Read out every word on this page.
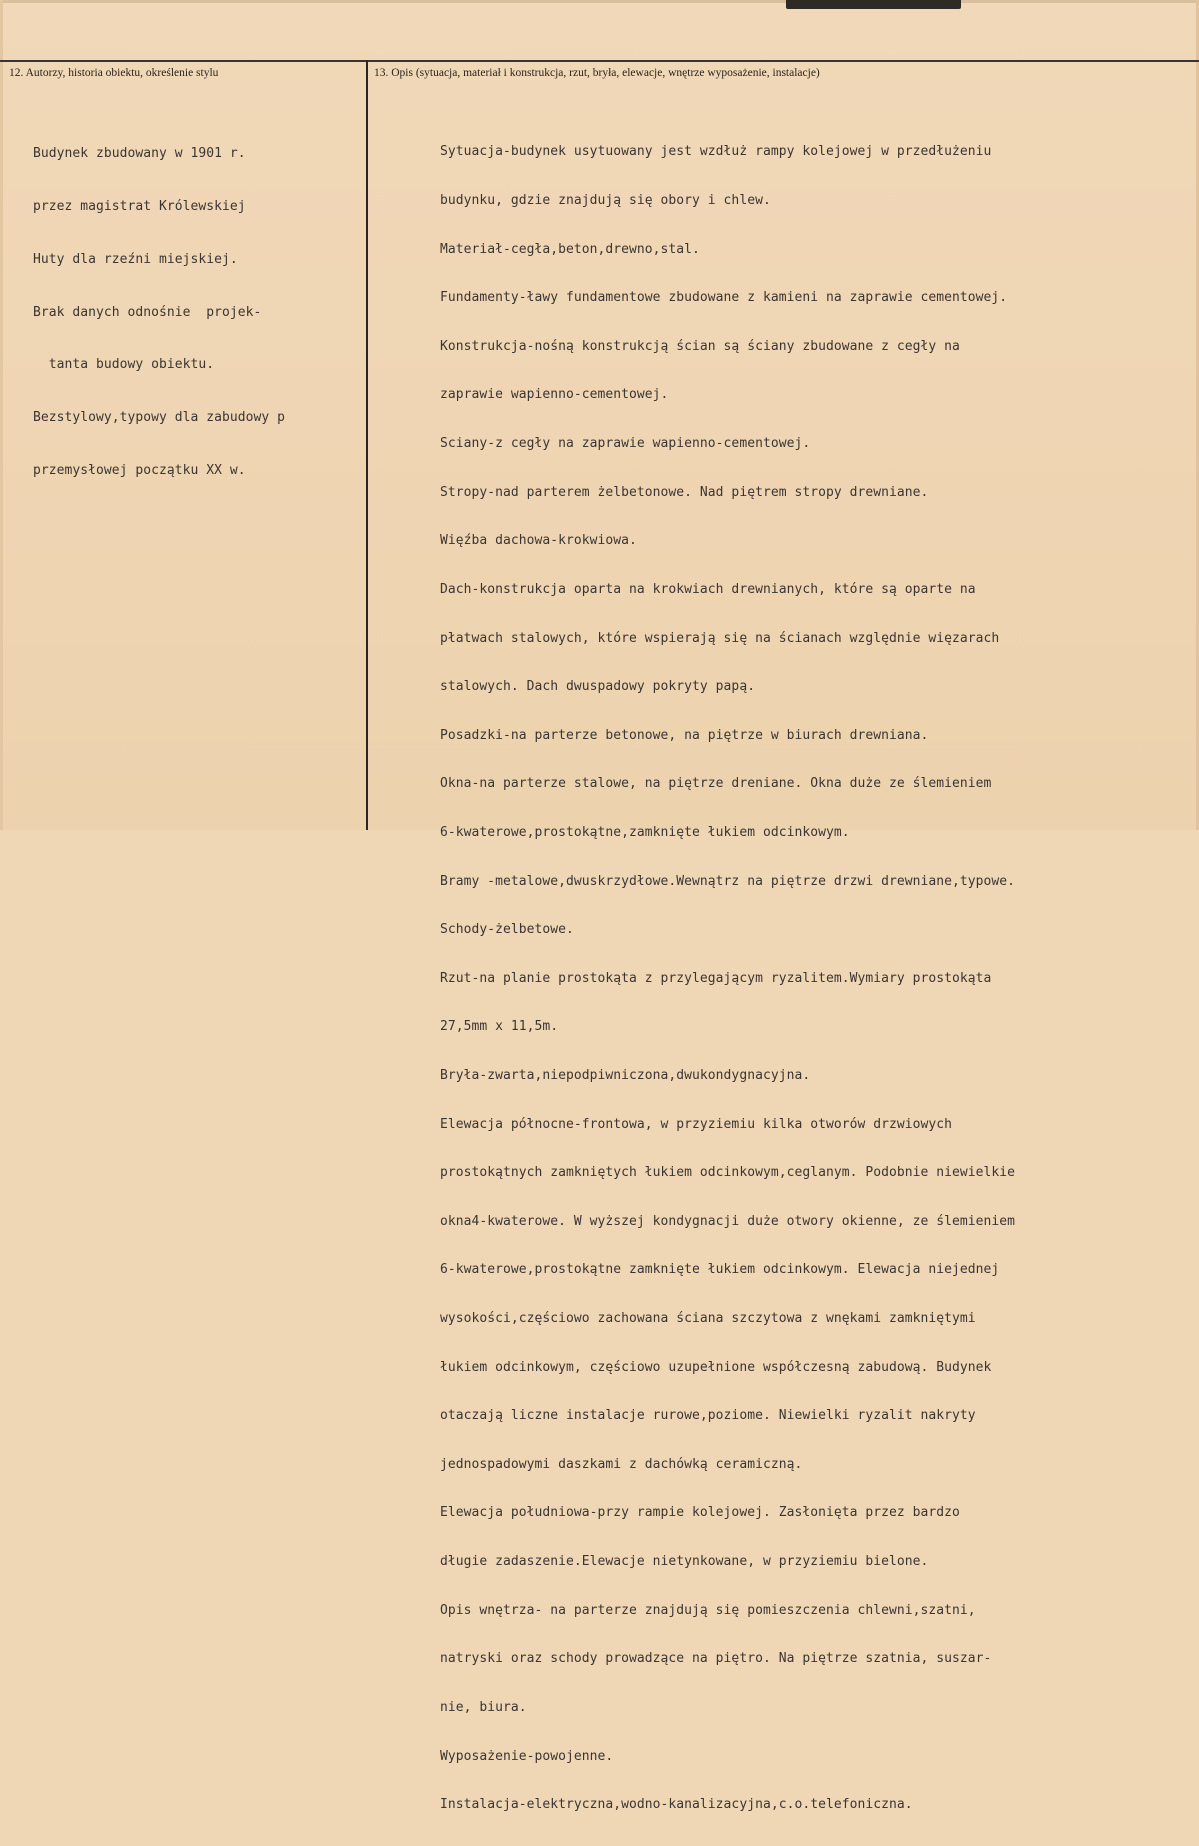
12. Autorzy, historia obiektu, określenie stylu	13. Opis (sytuacja, materiał i konstrukcja, rzut, bryła, elewacje, wnętrze wyposażenie, instalacje)

Budynek zbudowany w 1901 r.

przez magistrat Królewskiej

Huty dla rzeźni miejskiej.

Brak danych odnośnie  projek-

tanta budowy obiektu.

Bezstylowy,typowy dla zabudowy p

przemysłowej początku XX w.

Sytuacja-budynek usytuowany jest wzdłuż rampy kolejowej w przedłużeniu

budynku, gdzie znajdują się obory i chlew.

Materiał-cegła,beton,drewno,stal.

Fundamenty-ławy fundamentowe zbudowane z kamieni na zaprawie cementowej.

Konstrukcja-nośną konstrukcją ścian są ściany zbudowane z cegły na

zaprawie wapienno-cementowej.

Sciany-z cegły na zaprawie wapienno-cementowej.

Stropy-nad parterem żelbetonowe. Nad piętrem stropy drewniane.

Więźba dachowa-krokwiowa.

Dach-konstrukcja oparta na krokwiach drewnianych, które są oparte na

płatwach stalowych, które wspierają się na ścianach względnie więzarach

stalowych. Dach dwuspadowy pokryty papą.

Posadzki-na parterze betonowe, na piętrze w biurach drewniana.

Okna-na parterze stalowe, na piętrze dreniane. Okna duże ze ślemieniem

6-kwaterowe,prostokątne,zamknięte łukiem odcinkowym.

Bramy -metalowe,dwuskrzydłowe.Wewnątrz na piętrze drzwi drewniane,typowe.

Schody-żelbetowe.

Rzut-na planie prostokąta z przylegającym ryzalitem.Wymiary prostokąta

27,5mm x 11,5m.

Bryła-zwarta,niepodpiwniczona,dwukondygnacyjna.

Elewacja północne-frontowa, w przyziemiu kilka otworów drzwiowych

prostokątnych zamkniętych łukiem odcinkowym,ceglanym. Podobnie niewielkie

okna4-kwaterowe. W wyższej kondygnacji duże otwory okienne, ze ślemieniem

6-kwaterowe,prostokątne zamknięte łukiem odcinkowym. Elewacja niejednej

wysokości,częściowo zachowana ściana szczytowa z wnękami zamkniętymi

łukiem odcinkowym, częściowo uzupełnione współczesną zabudową. Budynek

otaczają liczne instalacje rurowe,poziome. Niewielki ryzalit nakryty

jednospadowymi daszkami z dachówką ceramiczną.

Elewacja południowa-przy rampie kolejowej. Zasłonięta przez bardzo

długie zadaszenie.Elewacje nietynkowane, w przyziemiu bielone.

Opis wnętrza- na parterze znajdują się pomieszczenia chlewni,szatni,

natryski oraz schody prowadzące na piętro. Na piętrze szatnia, suszar-

nie, biura.

Wyposażenie-powojenne.

Instalacja-elektryczna,wodno-kanalizacyjna,c.o.telefoniczna.
